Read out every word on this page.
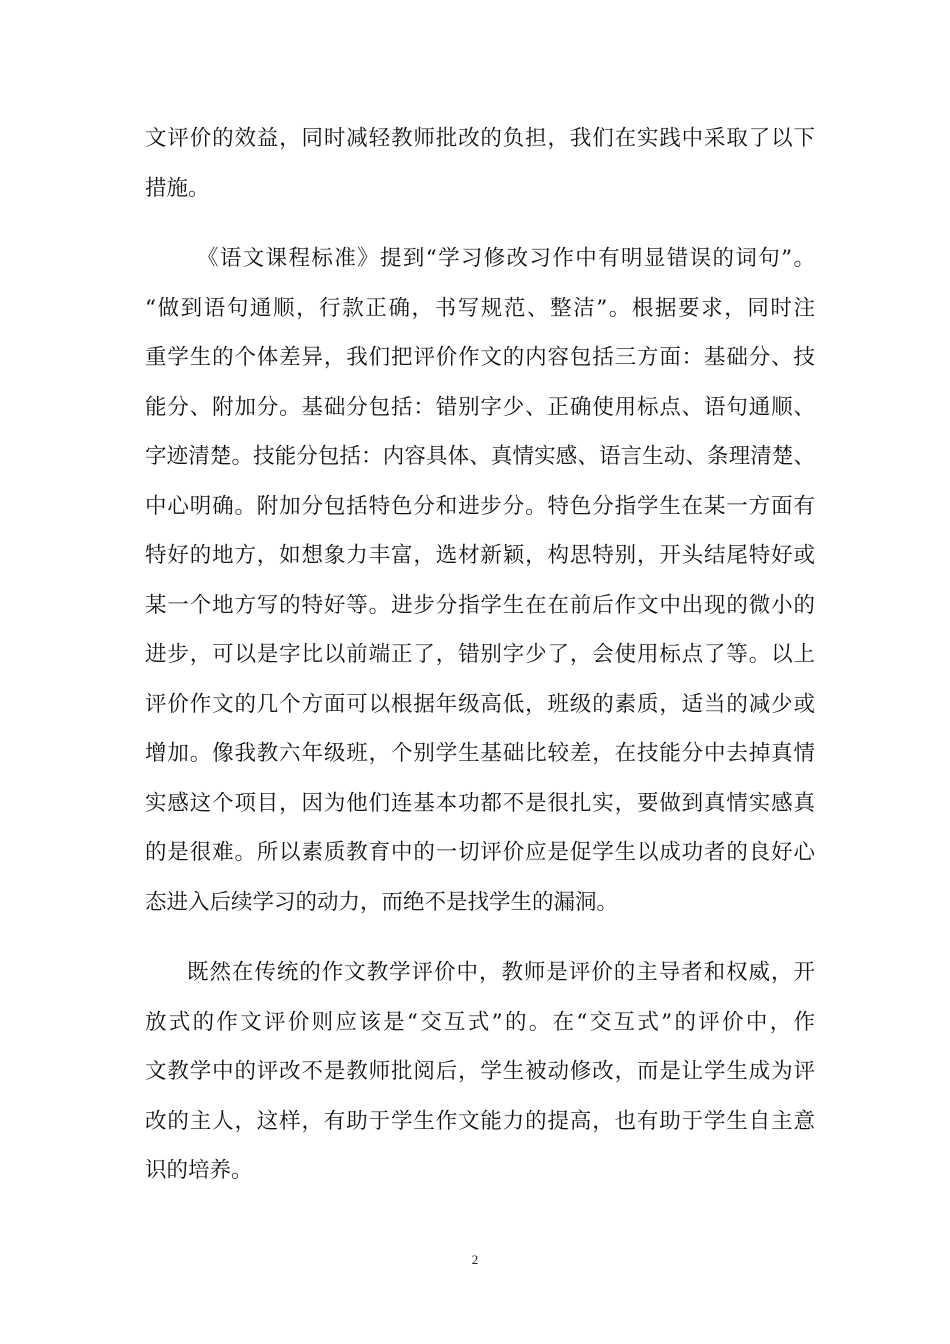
文评价的效益，同时减轻教师批改的负担，我们在实践中采取了以下
措施。
《语文课程标准》提到“学习修改习作中有明显错误的词句”。
“做到语句通顺，行款正确，书写规范、整洁”。根据要求，同时注
重学生的个体差异，我们把评价作文的内容包括三方面：基础分、技
能分、附加分。基础分包括：错别字少、正确使用标点、语句通顺、
字迹清楚。技能分包括：内容具体、真情实感、语言生动、条理清楚、
中心明确。附加分包括特色分和进步分。特色分指学生在某一方面有
特好的地方，如想象力丰富，选材新颖，构思特别，开头结尾特好或
某一个地方写的特好等。进步分指学生在在前后作文中出现的微小的
进步，可以是字比以前端正了，错别字少了，会使用标点了等。以上
评价作文的几个方面可以根据年级高低，班级的素质，适当的减少或
增加。像我教六年级班，个别学生基础比较差，在技能分中去掉真情
实感这个项目，因为他们连基本功都不是很扎实，要做到真情实感真
的是很难。所以素质教育中的一切评价应是促学生以成功者的良好心
态进入后续学习的动力，而绝不是找学生的漏洞。
既然在传统的作文教学评价中，教师是评价的主导者和权威，开
放式的作文评价则应该是“交互式”的。在“交互式”的评价中，作
文教学中的评改不是教师批阅后，学生被动修改，而是让学生成为评
改的主人，这样，有助于学生作文能力的提高，也有助于学生自主意
识的培养。
2
